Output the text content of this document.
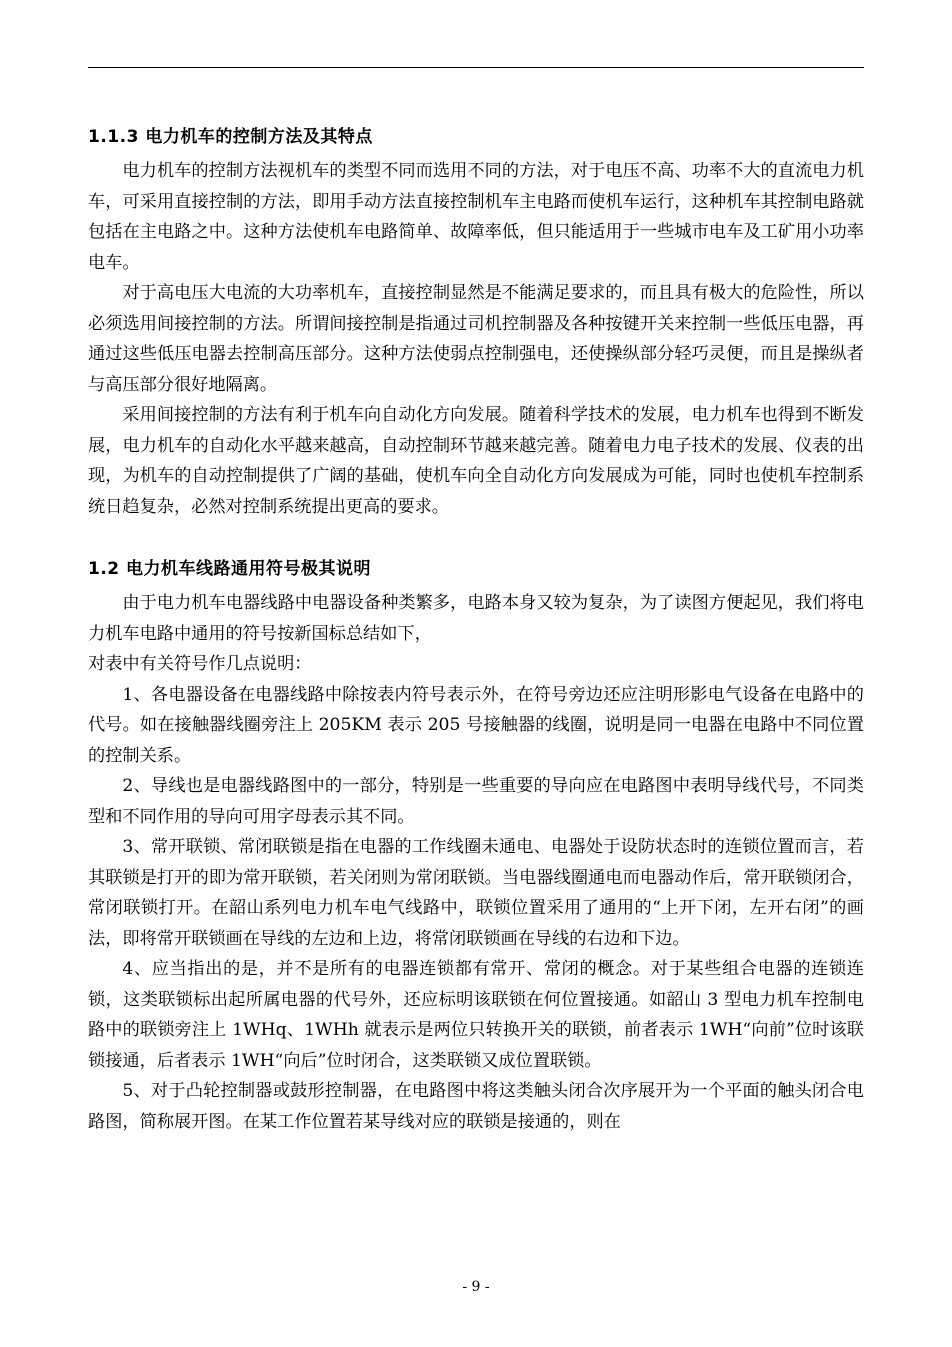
1.1.3 电力机车的控制方法及其特点

电力机车的控制方法视机车的类型不同而选用不同的方法，对于电压不高、功率不大的直流电力机车，可采用直接控制的方法，即用手动方法直接控制机车主电路而使机车运行，这种机车其控制电路就包括在主电路之中。这种方法使机车电路简单、故障率低，但只能适用于一些城市电车及工矿用小功率电车。

对于高电压大电流的大功率机车，直接控制显然是不能满足要求的，而且具有极大的危险性，所以必须选用间接控制的方法。所谓间接控制是指通过司机控制器及各种按键开关来控制一些低压电器，再通过这些低压电器去控制高压部分。这种方法使弱点控制强电，还使操纵部分轻巧灵便，而且是操纵者与高压部分很好地隔离。

采用间接控制的方法有利于机车向自动化方向发展。随着科学技术的发展，电力机车也得到不断发展，电力机车的自动化水平越来越高，自动控制环节越来越完善。随着电力电子技术的发展、仪表的出现，为机车的自动控制提供了广阔的基础，使机车向全自动化方向发展成为可能，同时也使机车控制系统日趋复杂，必然对控制系统提出更高的要求。

1.2 电力机车线路通用符号极其说明

由于电力机车电器线路中电器设备种类繁多，电路本身又较为复杂，为了读图方便起见，我们将电力机车电路中通用的符号按新国标总结如下，

对表中有关符号作几点说明：

1、各电器设备在电器线路中除按表内符号表示外，在符号旁边还应注明形影电气设备在电路中的代号。如在接触器线圈旁注上 205KM 表示 205 号接触器的线圈，说明是同一电器在电路中不同位置的控制关系。

2、导线也是电器线路图中的一部分，特别是一些重要的导向应在电路图中表明导线代号，不同类型和不同作用的导向可用字母表示其不同。

3、常开联锁、常闭联锁是指在电器的工作线圈未通电、电器处于设防状态时的连锁位置而言，若其联锁是打开的即为常开联锁，若关闭则为常闭联锁。当电器线圈通电而电器动作后，常开联锁闭合，常闭联锁打开。在韶山系列电力机车电气线路中，联锁位置采用了通用的“上开下闭，左开右闭”的画法，即将常开联锁画在导线的左边和上边，将常闭联锁画在导线的右边和下边。

4、应当指出的是，并不是所有的电器连锁都有常开、常闭的概念。对于某些组合电器的连锁连锁，这类联锁标出起所属电器的代号外，还应标明该联锁在何位置接通。如韶山 3 型电力机车控制电路中的联锁旁注上 1WHq、1WHh 就表示是两位只转换开关的联锁，前者表示 1WH“向前”位时该联锁接通，后者表示 1WH“向后”位时闭合，这类联锁又成位置联锁。

5、对于凸轮控制器或鼓形控制器，在电路图中将这类触头闭合次序展开为一个平面的触头闭合电路图，简称展开图。在某工作位置若某导线对应的联锁是接通的，则在

- 9 -
